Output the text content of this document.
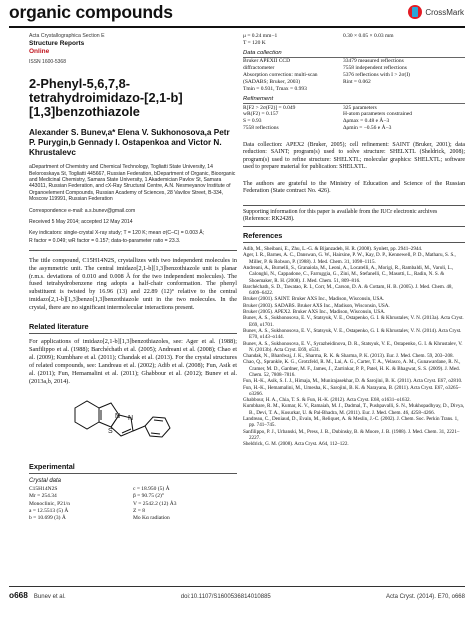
organic compounds	CrossMark
Acta Crystallographica Section E
Structure Reports
Online
ISSN 1600-5368
2-Phenyl-5,6,7,8-tetrahydroimidazo-[2,1-b][1,3]benzothiazole
Alexander S. Bunev,a* Elena V. Sukhonosova,a Petr P. Purygin,b Gennady I. Ostapenkoa and Victor N. Khrustalevc
aDepartment of Chemistry and Chemical Technology, Togliatti State University, 14 Belorosskaya St, Togliatti 445667, Russian Federation, bDepartment of Organic, Bioorganic and Medicinal Chemistry, Samara State University, 1 Akademician Pavlov St, Samara 443011, Russian Federation, and cX-Ray Structural Centre, A.N. Nesmeyanov Institute of Organoelement Compounds, Russian Academy of Sciences, 28 Vavilov Street, B-334, Moscow 119991, Russian Federation
Correspondence e-mail: a.s.bunev@gmail.com
Received 5 May 2014; accepted 12 May 2014
Key indicators: single-crystal X-ray study; T = 120 K; mean σ(C–C) = 0.003 Å;
R factor = 0.049; wR factor = 0.157; data-to-parameter ratio = 23.3.
The title compound, C15H14N2S, crystallizes with two independent molecules in the asymmetric unit. The central imidazo[2,1-b][1,3]benzothiazole unit is planar (r.m.s. deviations of 0.010 and 0.008 Å for the two independent molecules). The fused tetrahydrobenzene ring adopts a half-chair conformation. The phenyl substituent is twisted by 16.96 (13) and 22.89 (12)° relative to the central imidazo[2,1-b][1,3]benzo[1,3]benzothiazole unit in the two molecules. In the crystal, there are no significant intermolecular interactions present.
Related literature
For applications of imidazo[2,1-b][1,3]benzothiazoles, see: Ager et al. (1988); Sanfilippo et al. (1988); Barchéchath et al. (2005); Andreani et al. (2008); Chao et al. (2009); Kumbhare et al. (2011); Chandak et al. (2013). For the crystal structures of related compounds, see: Landreau et al. (2002); Adib et al. (2008); Fun, Asik et al. (2011); Fun, Hemamalini et al. (2011); Ghabbour et al. (2012); Bunev et al. (2013a,b, 2014).
S
N N
Experimental
Crystal data
C15H14N2S
Mr = 254.34
Monoclinic, P21/n
a = 12.5513 (5) Å
b = 10.699 (3) Å
c = 18.950 (5) Å
β = 90.75 (2)°
V = 2542.2 (12) Å3
Z = 8
Mo Kα radiation
μ = 0.24 mm−1	0.30 × 0.05 × 0.03 mm
T = 120 K
Data collection
Bruker APEXII CCD	33479 measured reflections
diffractometer	7558 independent reflections
Absorption correction: multi-scan	5376 reflections with I > 2σ(I)
(SADABS; Bruker, 2003)	Rint = 0.062
Tmin = 0.931, Tmax = 0.993
Refinement
R[F2 > 2σ(F2)] = 0.049	325 parameters
wR(F2) = 0.157	H-atom parameters constrained
S = 0.93	Δρmax = 0.48 e Å−3
7558 reflections	Δρmin = −0.56 e Å−3
Data collection: APEX2 (Bruker, 2005); cell refinement: SAINT (Bruker, 2001); data reduction: SAINT; program(s) used to solve structure: SHELXTL (Sheldrick, 2008); program(s) used to refine structure: SHELXTL; molecular graphics: SHELXTL; software used to prepare material for publication: SHELXTL.
The authors are grateful to the Ministry of Education and Science of the Russian Federation (State contract No. 426).
Supporting information for this paper is available from the IUCr electronic archives (Reference: RK2428).
References
Adib, M., Sheibani, E., Zhu, L.-G. & Bijanzadeh, H. R. (2008). Synlett, pp. 2941–2944.
Ager, I. R., Barnes, A. C., Danswan, G. W., Hairsine, P. W., Kay, D. P., Kennewell, P. D., Matharu, S. S., Miller, P. & Robson, P. (1988). J. Med. Chem. 31, 1098–1115.
Andreani, A., Burnelli, S., Granaiola, M., Leoni, A., Locatelli, A., Morigi, R., Rambaldi, M., Varoli, L., Calonghi, N., Cappadone, C., Farruggia, G., Zini, M., Stefanelli, C., Masotti, L., Radin, N. S. & Shoemaker, R. H. (2008). J. Med. Chem. 51, 809–816.
Barchéchath, S. D., Tawatao, R. I., Corr, M., Carson, D. A. & Cottam, H. B. (2005). J. Med. Chem. 48, 6409–6422.
Bruker (2001). SAINT. Bruker AXS Inc., Madison, Wisconsin, USA.
Bruker (2003). SADABS. Bruker AXS Inc., Madison, Wisconsin, USA.
Bruker (2005). APEX2. Bruker AXS Inc., Madison, Wisconsin, USA.
Bunev, A. S., Sukhonosova, E. V., Statsyuk, V. E., Ostapenko, G. I. & Khrustalev, V. N. (2013a). Acta Cryst. E69, o1701.
Bunev, A. S., Sukhonosova, E. V., Statsyuk, V. E., Ostapenko, G. I. & Khrustalev, V. N. (2014). Acta Cryst. E70, o143–o144.
Bunev, A. S., Sukhonosova, E. V., Syrazheidinova, D. R., Statsyuk, V. E., Ostapenko, G. I. & Khrustalev, V. N. (2013b). Acta Cryst. E69, o531.
Chandak, N., Bhardwaj, J. K., Sharma, R. K. & Sharma, P. K. (2013). Eur. J. Med. Chem. 59, 203–208.
Chao, Q., Sprankle, K. G., Grotzfeld, R. M., Lai, A. G., Carter, T. A., Velasco, A. M., Gunawardane, R. N., Cramer, M. D., Gardner, M. F., James, J., Zarrinkar, P. P., Patel, H. K. & Bhagwat, S. S. (2009). J. Med. Chem. 52, 7808–7816.
Fun, H.-K., Asik, S. I. J., Himaja, M., Munirajasekhar, D. & Sarojini, B. K. (2011). Acta Cryst. E67, o2810.
Fun, H.-K., Hemamalini, M., Umesha, K., Sarojini, B. K. & Narayana, B. (2011). Acta Cryst. E67, o3265–o3266.
Ghabbour, H. A., Chia, T. S. & Fun, H.-K. (2012). Acta Cryst. E68, o1631–o1632.
Kumbhare, R. M., Kumar, K. V., Ramaiah, M. J., Dadmal, T., Pushpavalli, S. N., Mukhopadhyay, D., Divya, B., Devi, T. A., Kosurkar, U. & Pal-Bhadra, M. (2011). Eur. J. Med. Chem. 46, 4258–4266.
Landreau, C., Deniaud, D., Evain, M., Reliquet, A. & Meslin, J.-C. (2002). J. Chem. Soc. Perkin Trans. 1, pp. 741–745.
Sanfilippo, P. J., Urbanski, M., Press, J. B., Dubinsky, B. & Moore, J. B. (1988). J. Med. Chem. 31, 2221–2227.
Sheldrick, G. M. (2008). Acta Cryst. A64, 112–122.
o668 Bunev et al.	doi:10.1107/S1600536814010885	Acta Cryst. (2014). E70, o668
